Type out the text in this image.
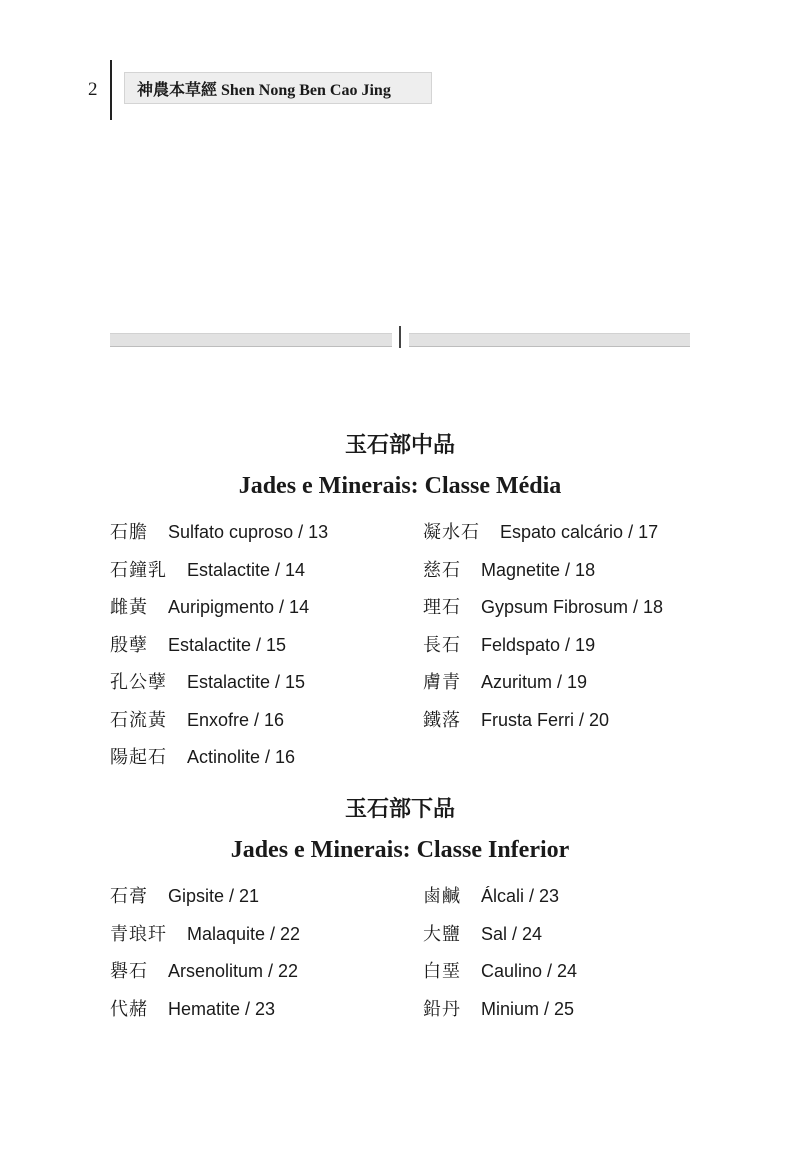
2 神農本草經 Shen Nong Ben Cao Jing
玉石部中品
Jades e Minerais: Classe Média
石膽 Sulfato cuproso / 13
石鐘乳 Estalactite / 14
雌黃 Auripigmento / 14
殷孽 Estalactite / 15
孔公孽 Estalactite / 15
石流黃 Enxofre / 16
陽起石 Actinolite / 16
凝水石 Espato calcário / 17
慈石 Magnetite / 18
理石 Gypsum Fibrosum / 18
長石 Feldspato / 19
膚青 Azuritum / 19
鐵落 Frusta Ferri / 20
玉石部下品
Jades e Minerais: Classe Inferior
石膏 Gipsite / 21
青琅玕 Malaquite / 22
礜石 Arsenolitum / 22
代赭 Hematite / 23
鹵鹹 Álcali / 23
大鹽 Sal / 24
白堊 Caulino / 24
鉛丹 Minium / 25
